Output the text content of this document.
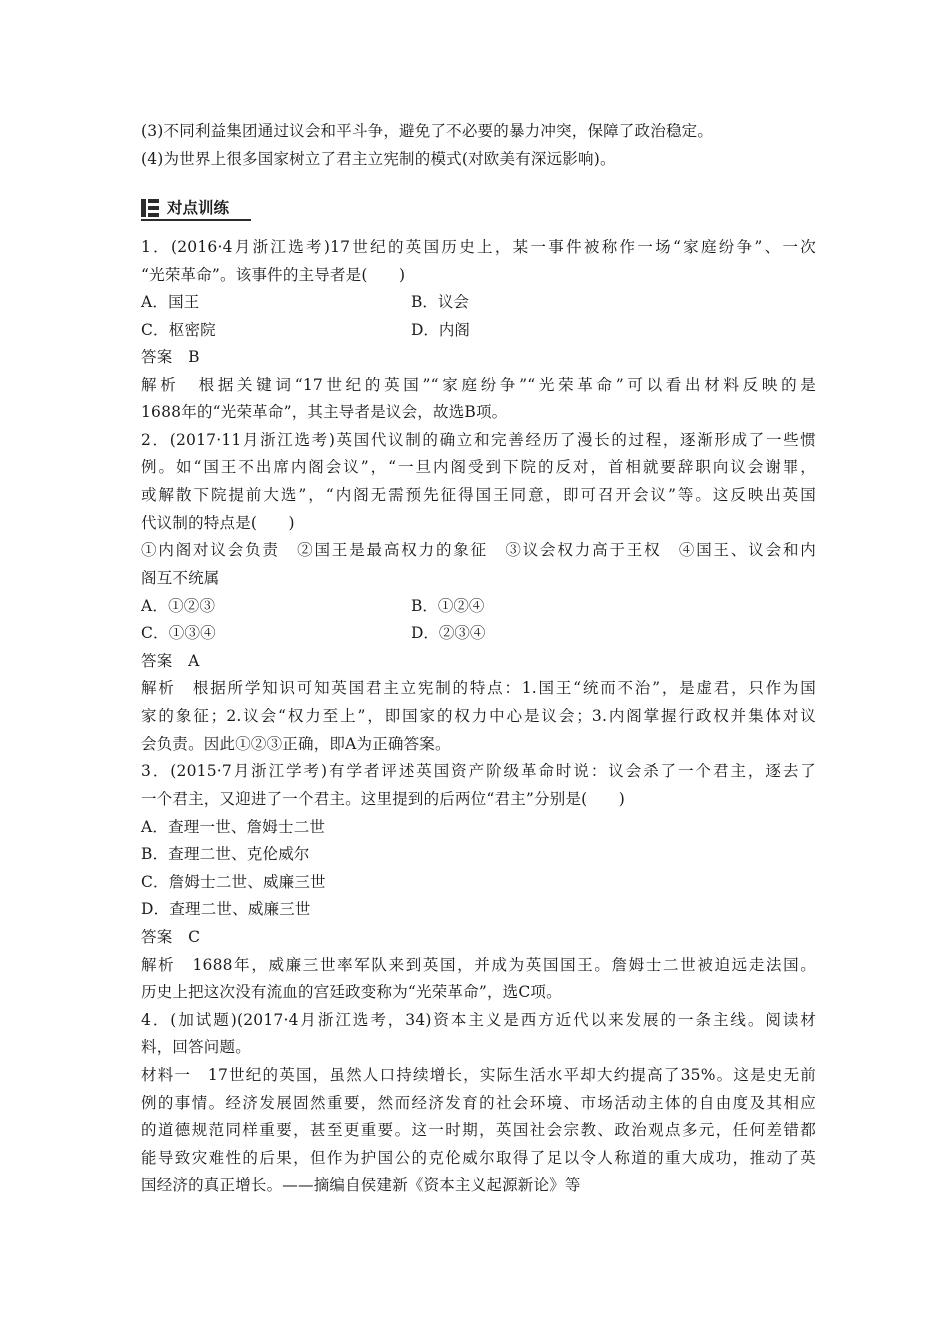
(3)不同利益集团通过议会和平斗争，避免了不必要的暴力冲突，保障了政治稳定。
(4)为世界上很多国家树立了君主立宪制的模式(对欧美有深远影响)。
对点训练
1．(2016·4月浙江选考)17世纪的英国历史上，某一事件被称作一场“家庭纷争”、一次
“光荣革命”。该事件的主导者是(　　)
A．国王	B．议会
C．枢密院	D．内阁
答案　B
解析　根据关键词“17世纪的英国”“家庭纷争”“光荣革命”可以看出材料反映的是
1688年的“光荣革命”，其主导者是议会，故选B项。
2．(2017·11月浙江选考)英国代议制的确立和完善经历了漫长的过程，逐渐形成了一些惯
例。如“国王不出席内阁会议”，“一旦内阁受到下院的反对，首相就要辞职向议会谢罪，
或解散下院提前大选”，“内阁无需预先征得国王同意，即可召开会议”等。这反映出英国
代议制的特点是(　　)
①内阁对议会负责　②国王是最高权力的象征　③议会权力高于王权　④国王、议会和内
阁互不统属
A．①②③	B．①②④
C．①③④	D．②③④
答案　A
解析　根据所学知识可知英国君主立宪制的特点：1.国王“统而不治”，是虚君，只作为国
家的象征；2.议会“权力至上”，即国家的权力中心是议会；3.内阁掌握行政权并集体对议
会负责。因此①②③正确，即A为正确答案。
3．(2015·7月浙江学考)有学者评述英国资产阶级革命时说：议会杀了一个君主，逐去了
一个君主，又迎进了一个君主。这里提到的后两位“君主”分别是(　　)
A．查理一世、詹姆士二世
B．查理二世、克伦威尔
C．詹姆士二世、威廉三世
D．查理二世、威廉三世
答案　C
解析　1688年，威廉三世率军队来到英国，并成为英国国王。詹姆士二世被迫远走法国。
历史上把这次没有流血的宫廷政变称为“光荣革命”，选C项。
4．(加试题)(2017·4月浙江选考，34)资本主义是西方近代以来发展的一条主线。阅读材
料，回答问题。
材料一　17世纪的英国，虽然人口持续增长，实际生活水平却大约提高了35%。这是史无前
例的事情。经济发展固然重要，然而经济发育的社会环境、市场活动主体的自由度及其相应
的道德规范同样重要，甚至更重要。这一时期，英国社会宗教、政治观点多元，任何差错都
能导致灾难性的后果，但作为护国公的克伦威尔取得了足以令人称道的重大成功，推动了英
国经济的真正增长。——摘编自侯建新《资本主义起源新论》等
